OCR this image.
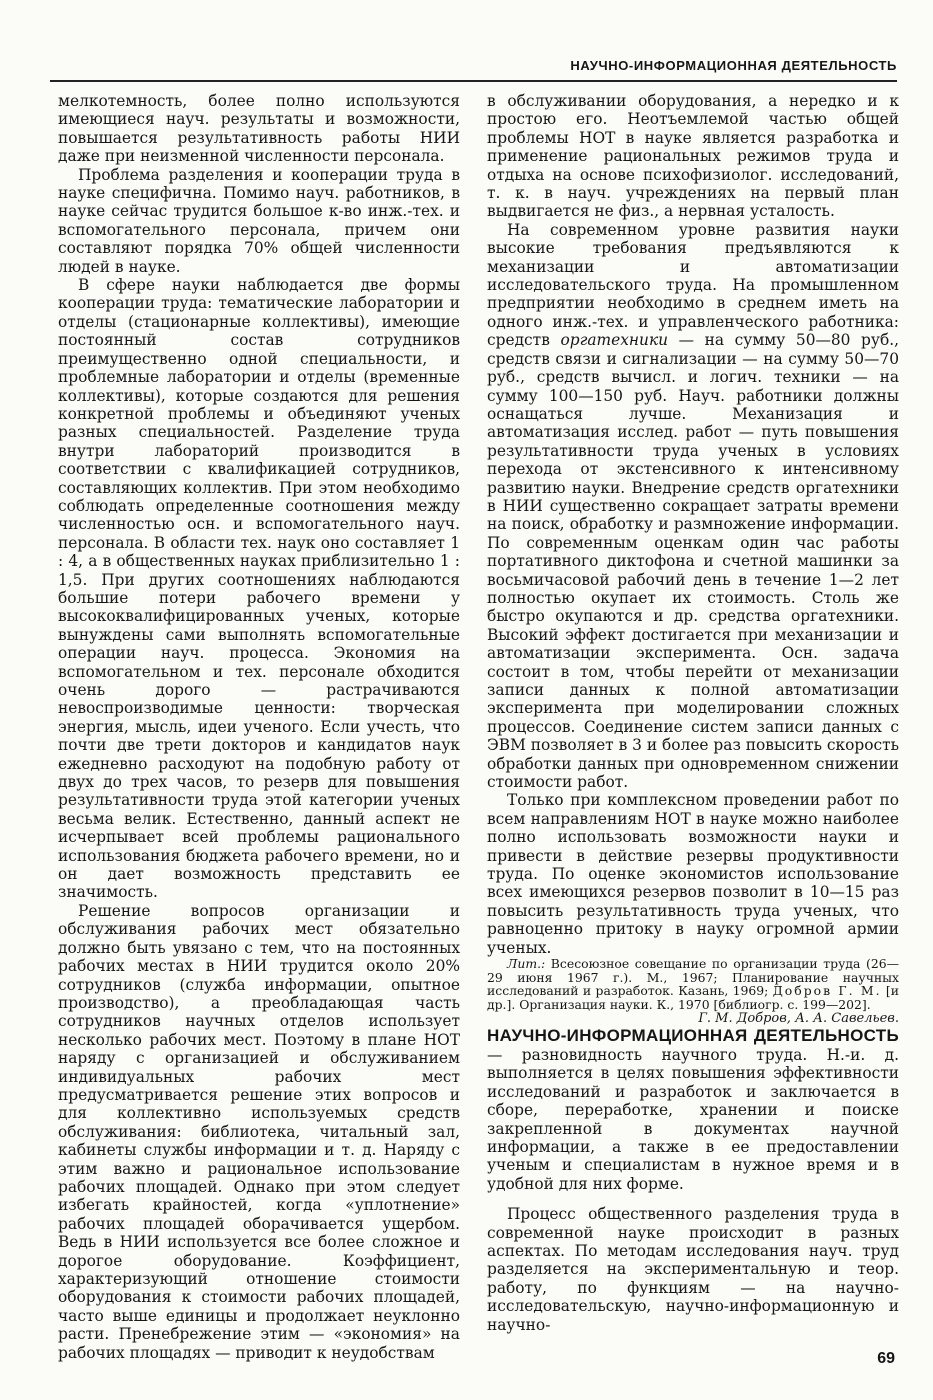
НАУЧНО-ИНФОРМАЦИОННАЯ ДЕЯТЕЛЬНОСТЬ

мелкотемность, более полно используются имеющиеся науч. результаты и возможности, повышается результативность работы НИИ даже при неизменной численности персонала.

Проблема разделения и кооперации труда в науке специфична. Помимо науч. работников, в науке сейчас трудится большое к-во инж.-тех. и вспомогательного персонала, причем они составляют порядка 70% общей численности людей в науке.

В сфере науки наблюдается две формы кооперации труда: тематические лаборатории и отделы (стационарные коллективы), имеющие постоянный состав сотрудников преимущественно одной специальности, и проблемные лаборатории и отделы (временные коллективы), которые создаются для решения конкретной проблемы и объединяют ученых разных специальностей. Разделение труда внутри лабораторий производится в соответствии с квалификацией сотрудников, составляющих коллектив. При этом необходимо соблюдать определенные соотношения между численностью осн. и вспомогательного науч. персонала. В области тех. наук оно составляет 1 : 4, а в общественных науках приблизительно 1 : 1,5. При других соотношениях наблюдаются большие потери рабочего времени у высококвалифицированных ученых, которые вынуждены сами выполнять вспомогательные операции науч. процесса. Экономия на вспомогательном и тех. персонале обходится очень дорого — растрачиваются невоспроизводимые ценности: творческая энергия, мысль, идеи ученого. Если учесть, что почти две трети докторов и кандидатов наук ежедневно расходуют на подобную работу от двух до трех часов, то резерв для повышения результативности труда этой категории ученых весьма велик. Естественно, данный аспект не исчерпывает всей проблемы рационального использования бюджета рабочего времени, но и он дает возможность представить ее значимость.

Решение вопросов организации и обслуживания рабочих мест обязательно должно быть увязано с тем, что на постоянных рабочих местах в НИИ трудится около 20% сотрудников (служба информации, опытное производство), а преобладающая часть сотрудников научных отделов использует несколько рабочих мест. Поэтому в плане НОТ наряду с организацией и обслуживанием индивидуальных рабочих мест предусматривается решение этих вопросов и для коллективно используемых средств обслуживания: библиотека, читальный зал, кабинеты службы информации и т. д. Наряду с этим важно и рациональное использование рабочих площадей. Однако при этом следует избегать крайностей, когда «уплотнение» рабочих площадей оборачивается ущербом. Ведь в НИИ используется все более сложное и дорогое оборудование. Коэффициент, характеризующий отношение стоимости оборудования к стоимости рабочих площадей, часто выше единицы и продолжает неуклонно расти. Пренебрежение этим — «экономия» на рабочих площадях — приводит к неудобствам

в обслуживании оборудования, а нередко и к простою его. Неотъемлемой частью общей проблемы НОТ в науке является разработка и применение рациональных режимов труда и отдыха на основе психофизиолог. исследований, т. к. в науч. учреждениях на первый план выдвигается не физ., а нервная усталость.

На современном уровне развития науки высокие требования предъявляются к механизации и автоматизации исследовательского труда. На промышленном предприятии необходимо в среднем иметь на одного инж.-тех. и управленческого работника: средств оргатехники — на сумму 50—80 руб., средств связи и сигнализации — на сумму 50—70 руб., средств вычисл. и логич. техники — на сумму 100—150 руб. Науч. работники должны оснащаться лучше. Механизация и автоматизация исслед. работ — путь повышения результативности труда ученых в условиях перехода от экстенсивного к интенсивному развитию науки. Внедрение средств оргатехники в НИИ существенно сокращает затраты времени на поиск, обработку и размножение информации. По современным оценкам один час работы портативного диктофона и счетной машинки за восьмичасовой рабочий день в течение 1—2 лет полностью окупает их стоимость. Столь же быстро окупаются и др. средства оргатехники. Высокий эффект достигается при механизации и автоматизации эксперимента. Осн. задача состоит в том, чтобы перейти от механизации записи данных к полной автоматизации эксперимента при моделировании сложных процессов. Соединение систем записи данных с ЭВМ позволяет в 3 и более раз повысить скорость обработки данных при одновременном снижении стоимости работ.

Только при комплексном проведении работ по всем направлениям НОТ в науке можно наиболее полно использовать возможности науки и привести в действие резервы продуктивности труда. По оценке экономистов использование всех имеющихся резервов позволит в 10—15 раз повысить результативность труда ученых, что равноценно притоку в науку огромной армии ученых.

Лит.: Всесоюзное совещание по организации труда (26—29 июня 1967 г.). М., 1967; Планирование научных исследований и разработок. Казань, 1969; Добров Г. М. [и др.]. Организация науки. К., 1970 [библиогр. с. 199—202].

Г. М. Добров, А. А. Савельев.

НАУЧНО-ИНФОРМАЦИОННАЯ ДЕЯТЕЛЬНОСТЬ — разновидность научного труда. Н.-и. д. выполняется в целях повышения эффективности исследований и разработок и заключается в сборе, переработке, хранении и поиске закрепленной в документах научной информации, а также в ее предоставлении ученым и специалистам в нужное время и в удобной для них форме.

Процесс общественного разделения труда в современной науке происходит в разных аспектах. По методам исследования науч. труд разделяется на экспериментальную и теор. работу, по функциям — на научно-исследовательскую, научно-информационную и научно-

69
